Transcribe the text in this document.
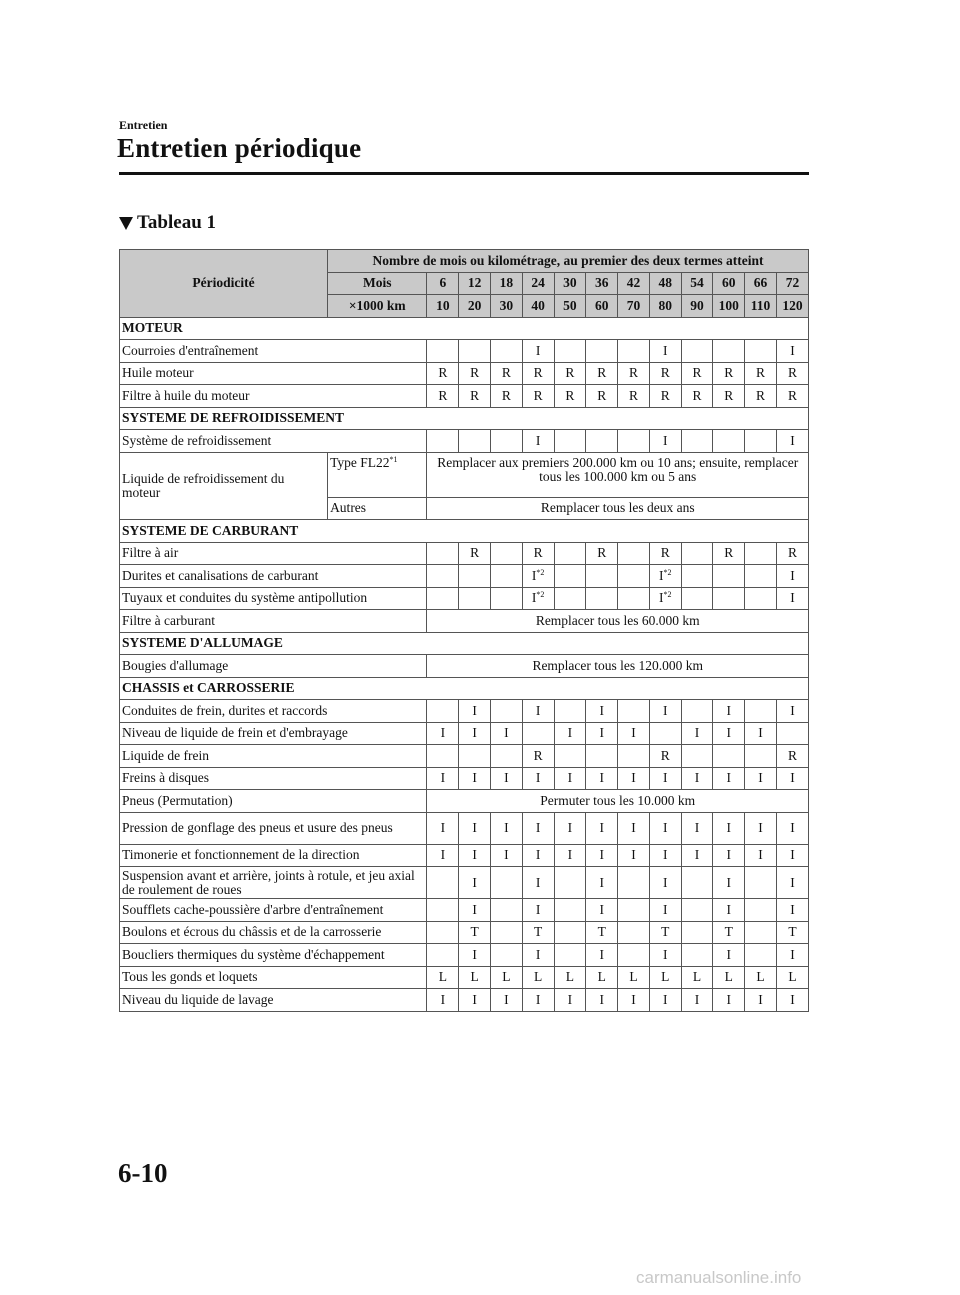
Entretien
Entretien périodique
Tableau 1
Périodicité	Nombre de mois ou kilométrage, au premier des deux termes atteint												
	Mois	6	12	18	24	30	36	42	48	54	60	66	72
	×1000 km	10	20	30	40	50	60	70	80	90	100	110	120
MOTEUR													
Courroies d'entraînement					I				I				I
Huile moteur		R	R	R	R	R	R	R	R	R	R	R	R
Filtre à huile du moteur		R	R	R	R	R	R	R	R	R	R	R	R
SYSTEME DE REFROIDISSEMENT													
Système de refroidissement					I				I				I
Liquide de refroidissement du moteur	Type FL22$^{*1}$	Remplacer aux premiers 200.000 km ou 10 ans; ensuite, remplacer tous les 100.000 km ou 5 ans											
	Autres	Remplacer tous les deux ans											
SYSTEME DE CARBURANT													
Filtre à air			R		R		R		R		R		R
Durites et canalisations de carburant					$I^{*2}$				$I^{*2}$				I
Tuyaux et conduites du système antipollution					$I^{*2}$				$I^{*2}$				I
Filtre à carburant		Remplacer tous les 60.000 km											
SYSTEME D'ALLUMAGE													
Bougies d'allumage		Remplacer tous les 120.000 km											
CHASSIS et CARROSSERIE													
Conduites de frein, durites et raccords			I		I		I		I		I		I
Niveau de liquide de frein et d'embrayage		I	I	I		I	I	I		I	I	I	
Liquide de frein					R				R				R
Freins à disques		I	I	I	I	I	I	I	I	I	I	I	I
Pneus (Permutation)		Permuter tous les 10.000 km											
Pression de gonflage des pneus et usure des pneus		I	I	I	I	I	I	I	I	I	I	I	I
Timonerie et fonctionnement de la direction		I	I	I	I	I	I	I	I	I	I	I	I
Suspension avant et arrière, joints à rotule, et jeu axial de roulement de roues			I		I		I		I		I		I
Soufflets cache-poussière d'arbre d'entraînement			I		I		I		I		I		I
Boulons et écrous du châssis et de la carrosserie			T		T		T		T		T		T
Boucliers thermiques du système d'échappement			I		I		I		I		I		I
Tous les gonds et loquets		L	L	L	L	L	L	L	L	L	L	L	L
Niveau du liquide de lavage		I	I	I	I	I	I	I	I	I	I	I	I
6-10
carmanualsonline.info
